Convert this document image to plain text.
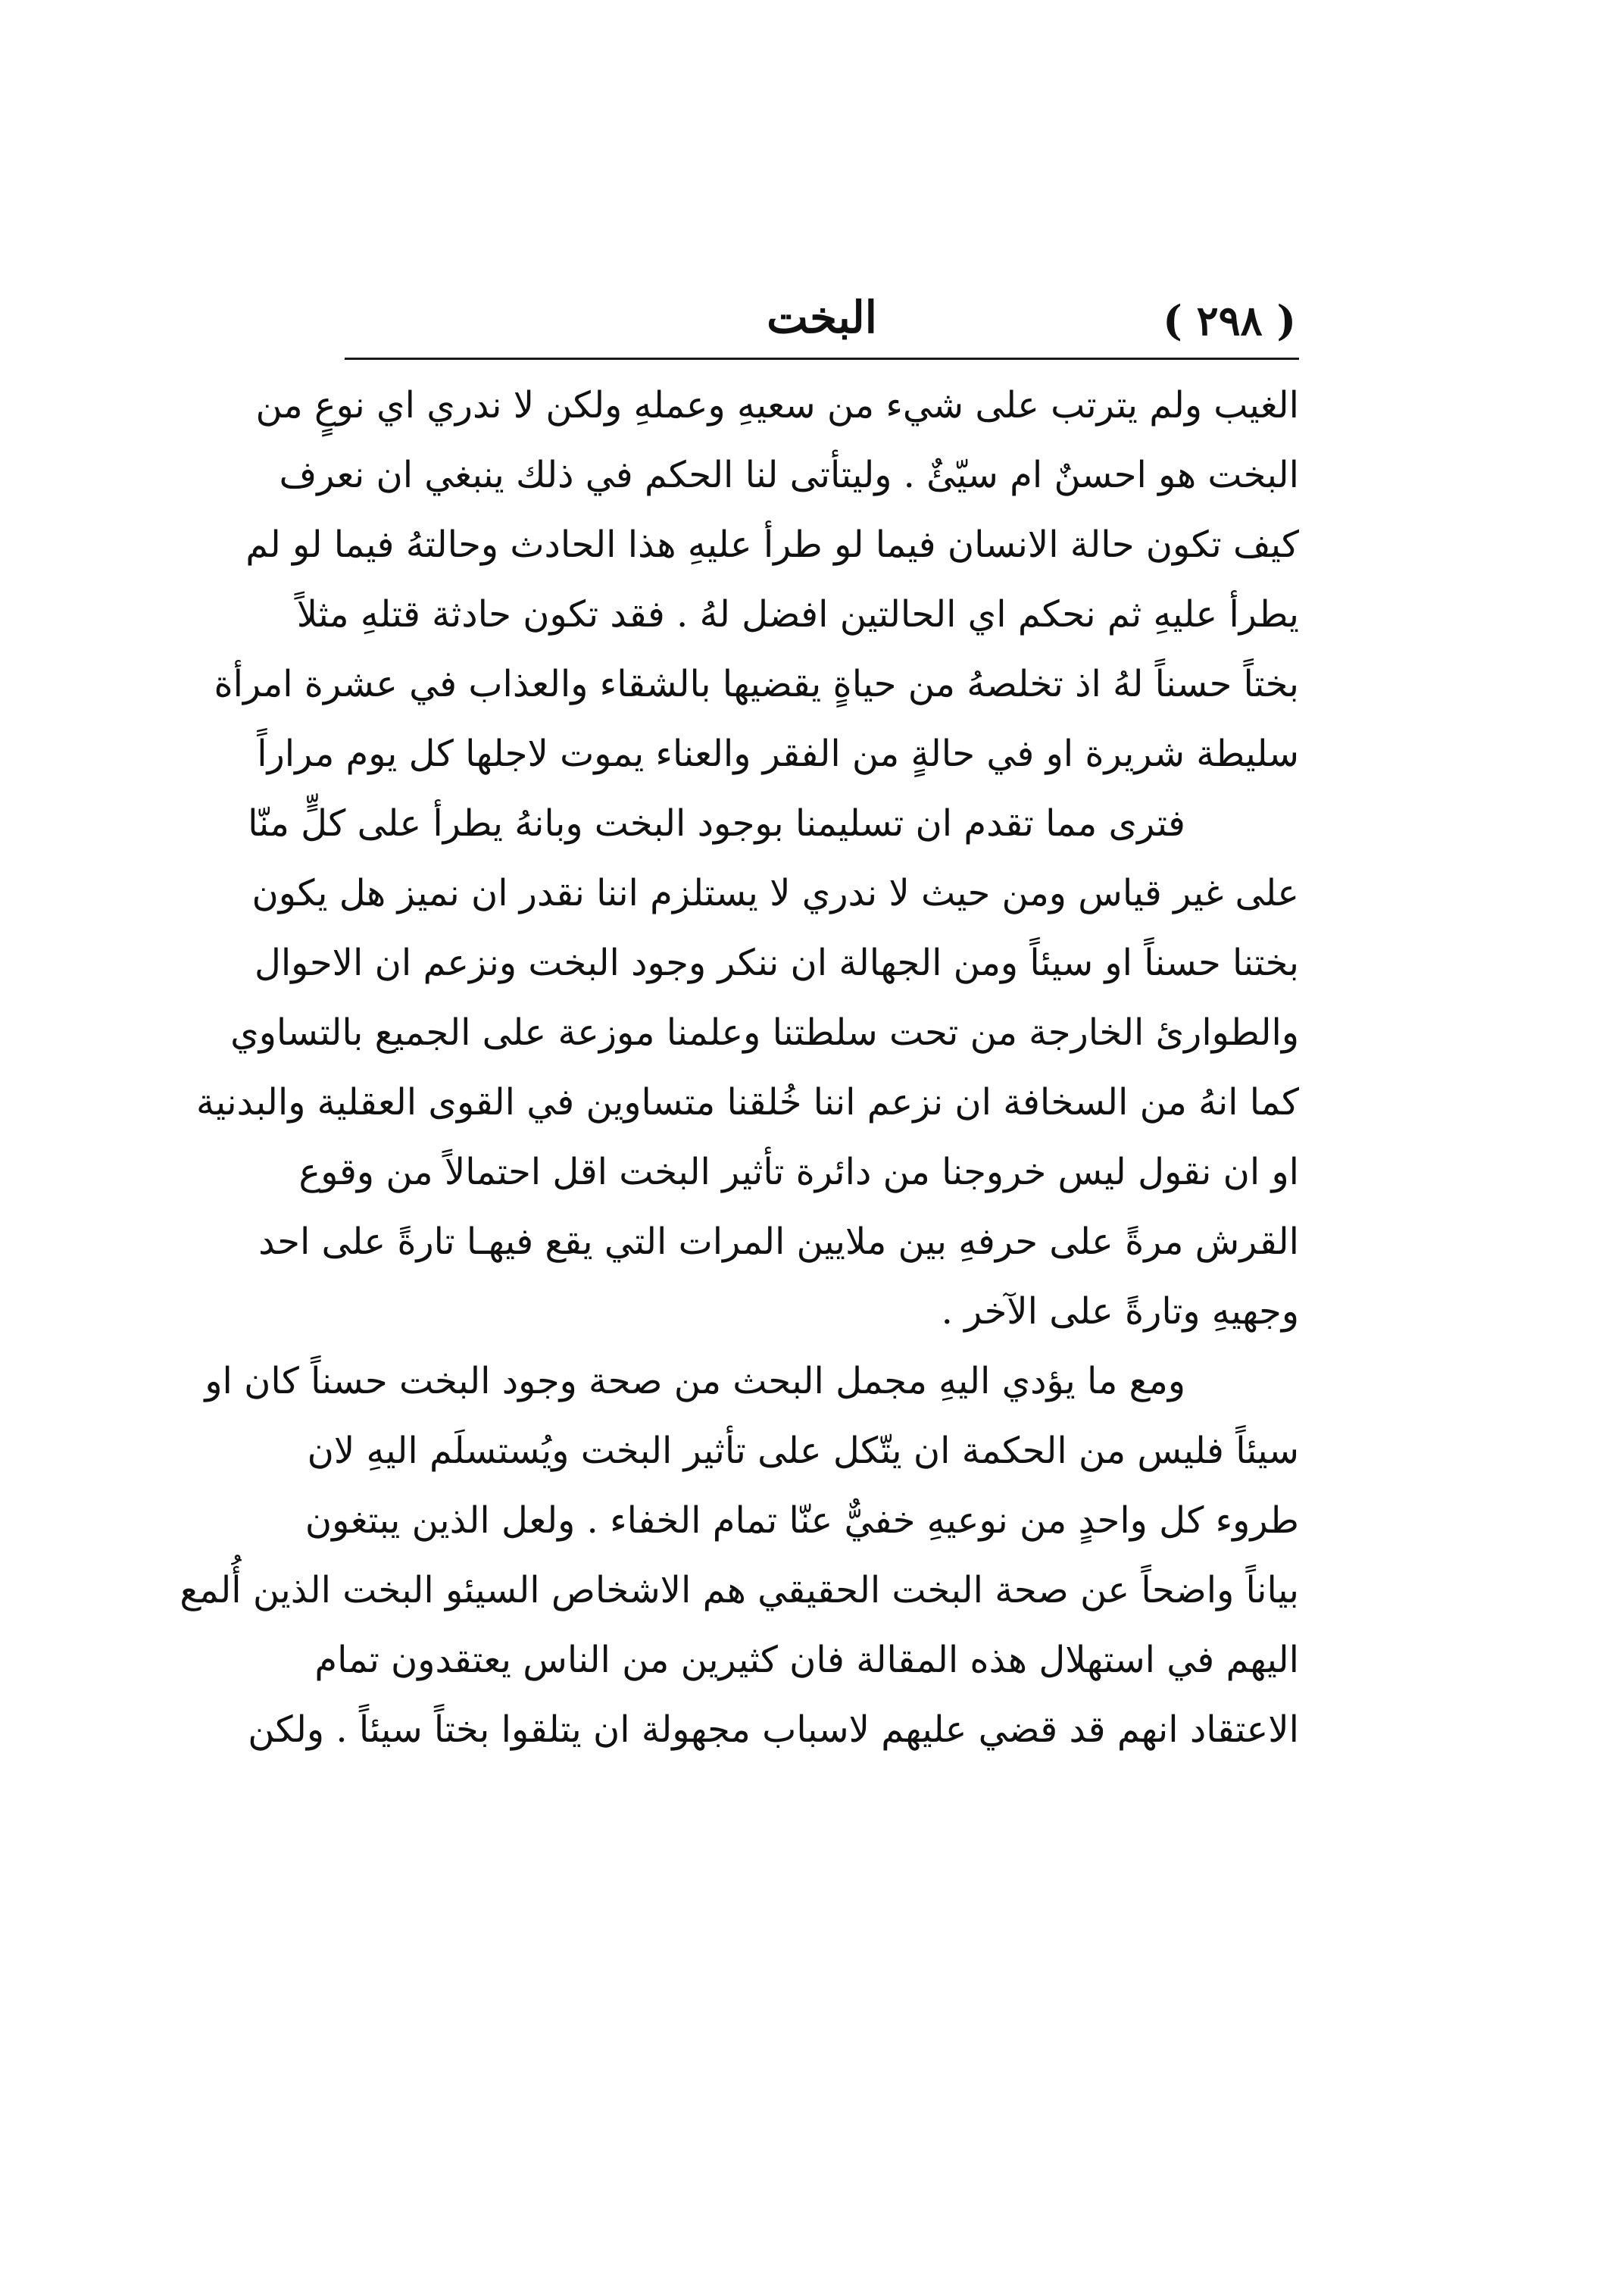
( ٢٩٨ )
البخت
الغيب ولم يترتب على شيء من سعيهِ وعملهِ ولكن لا ندري اي نوعٍ من
البخت هو احسنٌ ام سيّئٌ . وليتأتى لنا الحكم في ذلك ينبغي ان نعرف
كيف تكون حالة الانسان فيما لو طرأ عليهِ هذا الحادث وحالتهُ فيما لو لم
يطرأ عليهِ ثم نحكم اي الحالتين افضل لهُ . فقد تكون حادثة قتلهِ مثلاً
بختاً حسناً لهُ اذ تخلصهُ من حياةٍ يقضيها بالشقاء والعذاب في عشرة امرأة
سليطة شريرة او في حالةٍ من الفقر والعناء يموت لاجلها كل يوم مراراً
فترى مما تقدم ان تسليمنا بوجود البخت وبانهُ يطرأ على كلٍّ منّا
على غير قياس ومن حيث لا ندري لا يستلزم اننا نقدر ان نميز هل يكون
بختنا حسناً او سيئاً ومن الجهالة ان ننكر وجود البخت ونزعم ان الاحوال
والطوارئ الخارجة من تحت سلطتنا وعلمنا موزعة على الجميع بالتساوي
كما انهُ من السخافة ان نزعم اننا خُلقنا متساوين في القوى العقلية والبدنية
او ان نقول ليس خروجنا من دائرة تأثير البخت اقل احتمالاً من وقوع
القرش مرةً على حرفهِ بين ملايين المرات التي يقع فيهـا تارةً على احد
وجهيهِ وتارةً على الآخر .
ومع ما يؤدي اليهِ مجمل البحث من صحة وجود البخت حسناً كان او
سيئاً فليس من الحكمة ان يتّكل على تأثير البخت ويُستسلَم اليهِ لان
طروء كل واحدٍ من نوعيهِ خفيٌّ عنّا تمام الخفاء . ولعل الذين يبتغون
بياناً واضحاً عن صحة البخت الحقيقي هم الاشخاص السيئو البخت الذين أُلمع
اليهم في استهلال هذه المقالة فان كثيرين من الناس يعتقدون تمام
الاعتقاد انهم قد قضي عليهم لاسباب مجهولة ان يتلقوا بختاً سيئاً . ولكن
